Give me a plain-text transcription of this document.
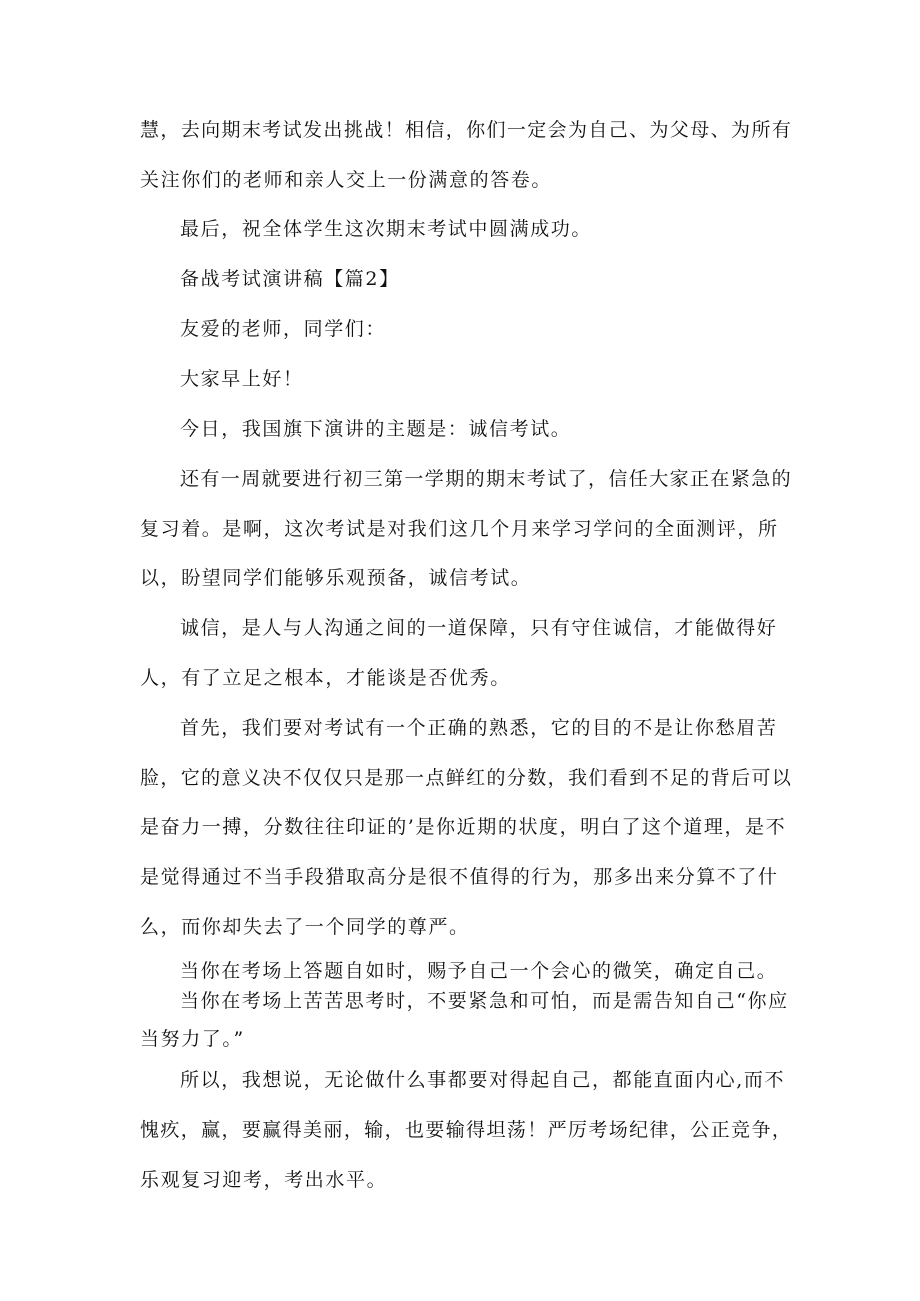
慧，去向期末考试发出挑战！相信，你们一定会为自己、为父母、为所有
关注你们的老师和亲人交上一份满意的答卷。
最后，祝全体学生这次期末考试中圆满成功。
备战考试演讲稿【篇2】
友爱的老师，同学们：
大家早上好！
今日，我国旗下演讲的主题是：诚信考试。
还有一周就要进行初三第一学期的期末考试了，信任大家正在紧急的
复习着。是啊，这次考试是对我们这几个月来学习学问的全面测评，所
以，盼望同学们能够乐观预备，诚信考试。
诚信，是人与人沟通之间的一道保障，只有守住诚信，才能做得好
人，有了立足之根本，才能谈是否优秀。
首先，我们要对考试有一个正确的熟悉，它的目的不是让你愁眉苦
脸，它的意义决不仅仅只是那一点鲜红的分数，我们看到不足的背后可以
是奋力一搏，分数往往印证的’是你近期的状度，明白了这个道理，是不
是觉得通过不当手段猎取高分是很不值得的行为，那多出来分算不了什
么，而你却失去了一个同学的尊严。
当你在考场上答题自如时，赐予自己一个会心的微笑，确定自己。
当你在考场上苦苦思考时，不要紧急和可怕，而是需告知自己“你应
当努力了。”
所以，我想说，无论做什么事都要对得起自己，都能直面内心,而不
愧疚，赢，要赢得美丽，输，也要输得坦荡！严厉考场纪律，公正竞争，
乐观复习迎考，考出水平。
